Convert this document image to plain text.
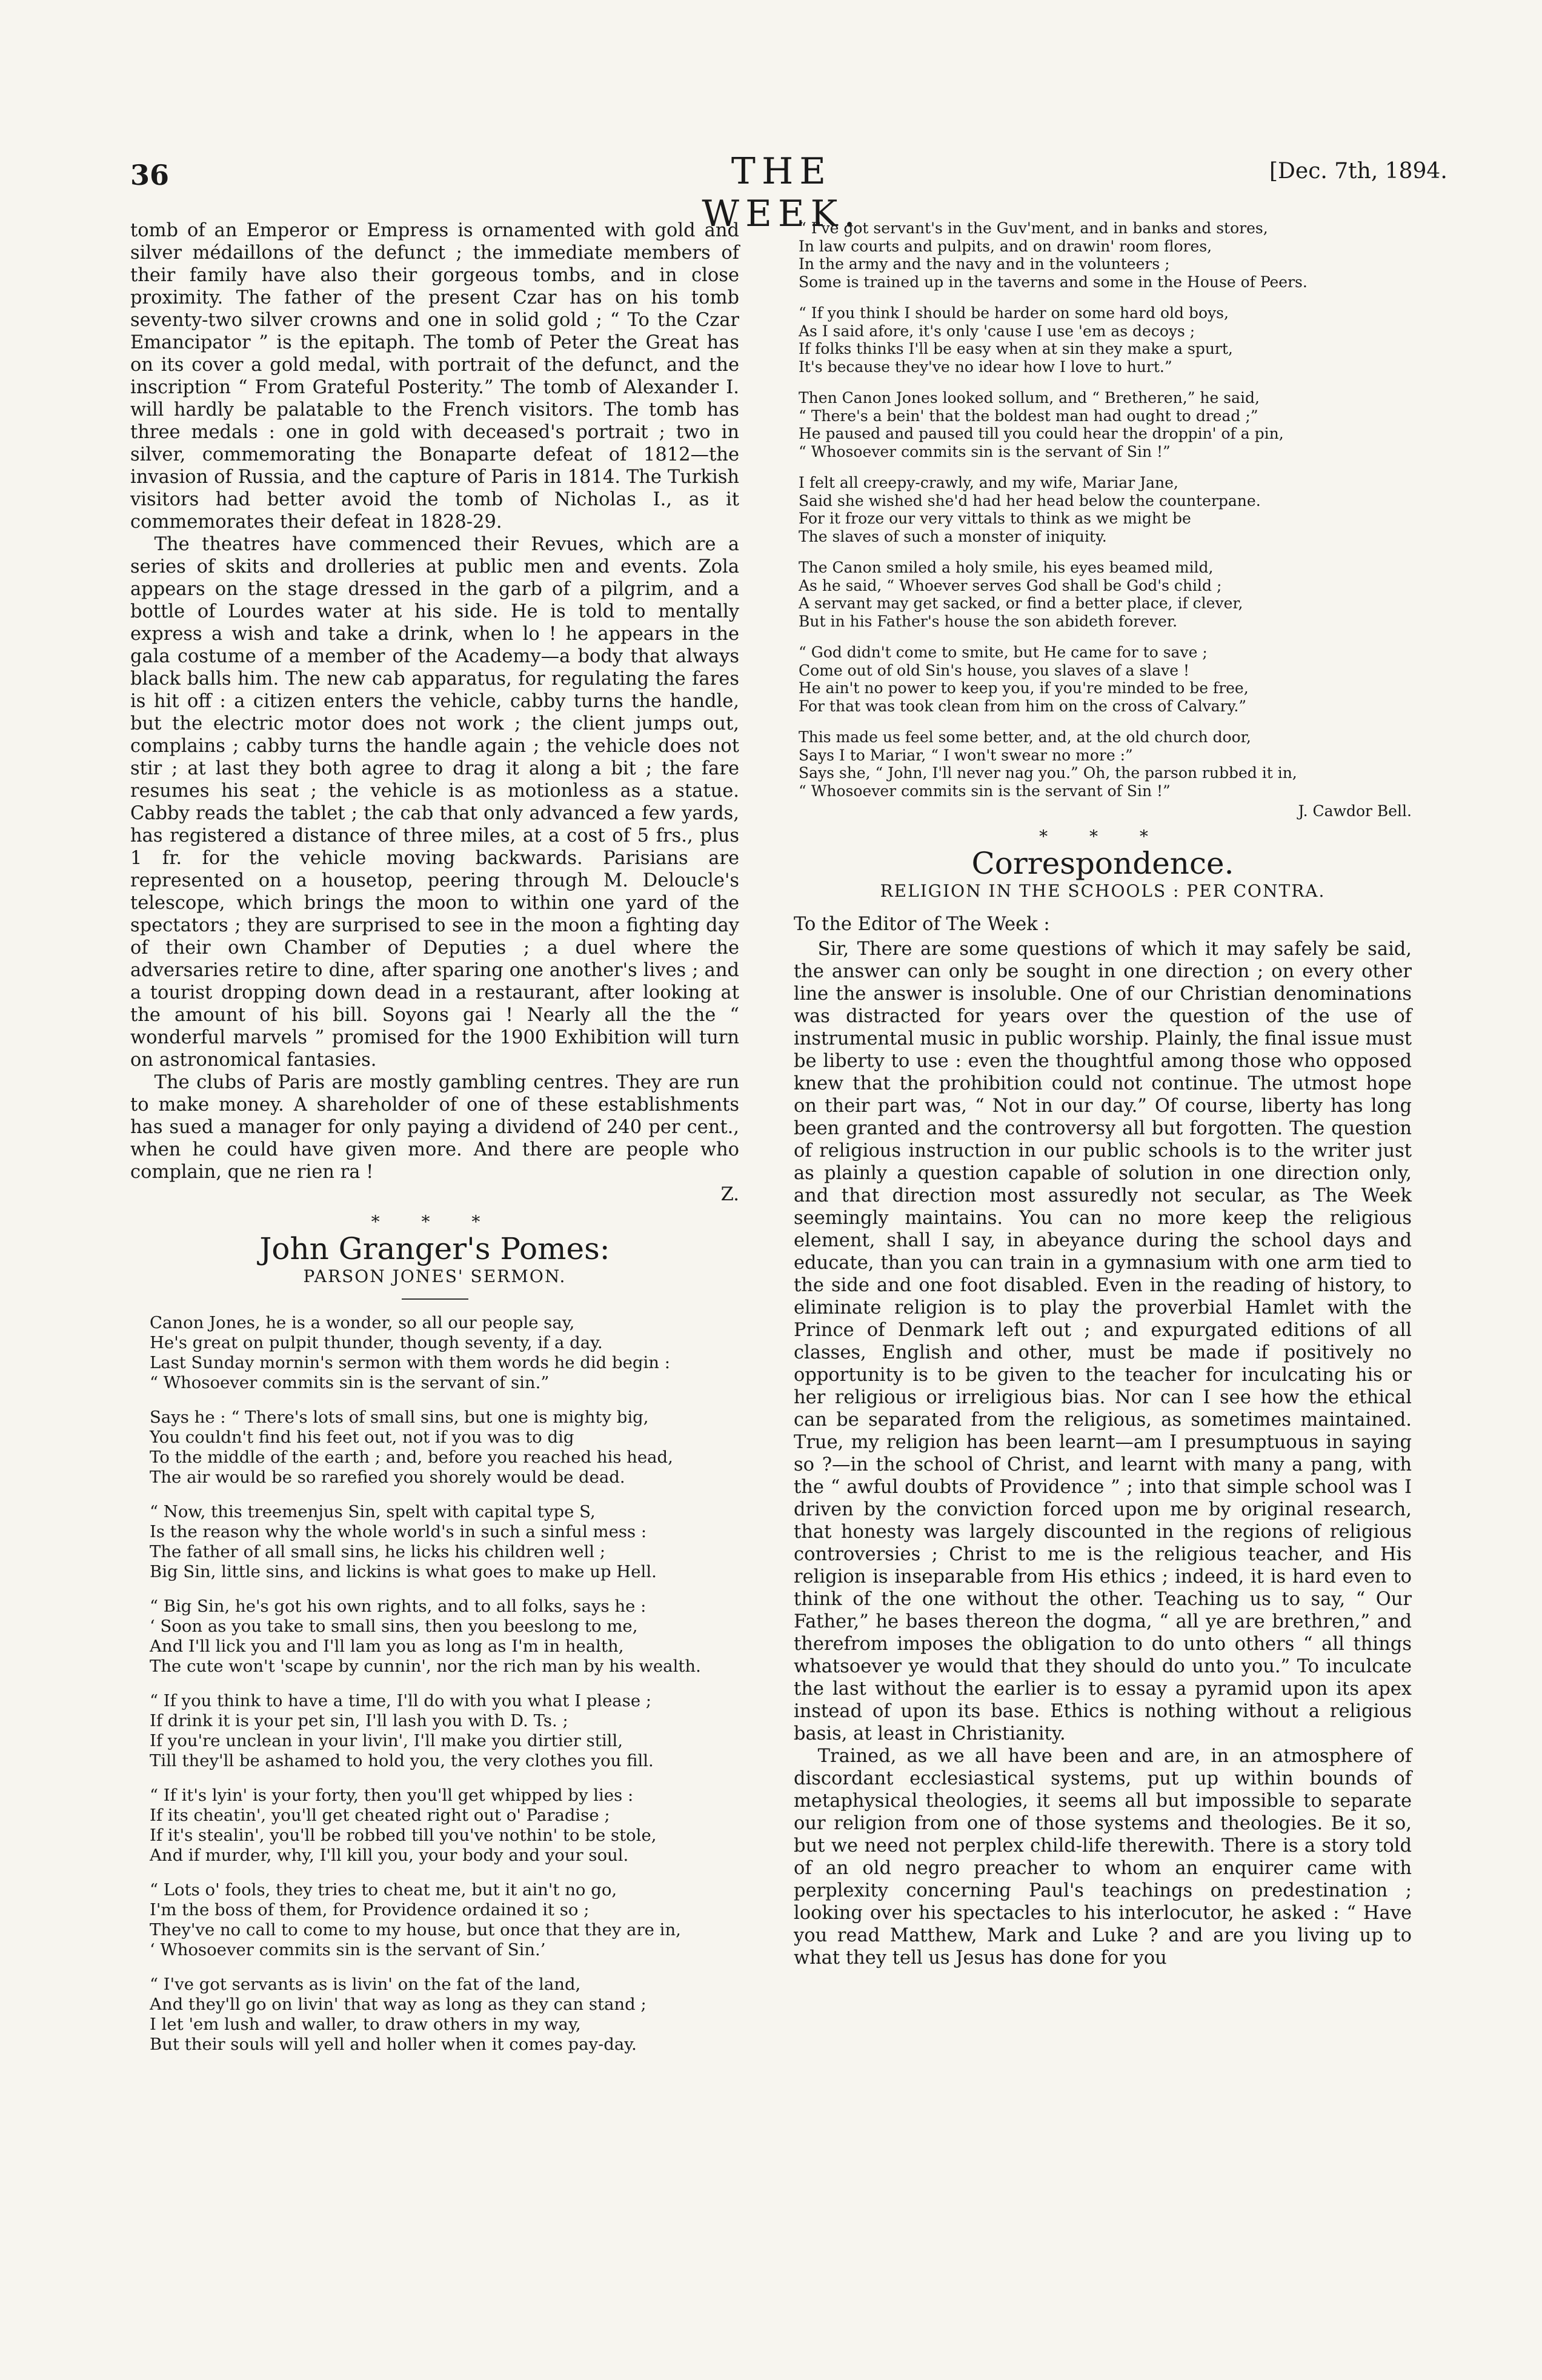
36	THE WEEK.
[Dec. 7th, 1894.

tomb of an Emperor or Empress is ornamented with gold and silver médaillons of the defunct ; the immediate members of their family have also their gorgeous tombs, and in close proximity. The father of the present Czar has on his tomb seventy-two silver crowns and one in solid gold ; “ To the Czar Emancipator ” is the epitaph. The tomb of Peter the Great has on its cover a gold medal, with portrait of the defunct, and the inscription “ From Grateful Posterity.” The tomb of Alexander I. will hardly be palatable to the French visitors. The tomb has three medals : one in gold with deceased's portrait ; two in silver, commemorating the Bonaparte defeat of 1812—the invasion of Russia, and the capture of Paris in 1814. The Turkish visitors had better avoid the tomb of Nicholas I., as it commemorates their defeat in 1828-29.

The theatres have commenced their Revues, which are a series of skits and drolleries at public men and events. Zola appears on the stage dressed in the garb of a pilgrim, and a bottle of Lourdes water at his side. He is told to mentally express a wish and take a drink, when lo ! he appears in the gala costume of a member of the Academy—a body that always black balls him. The new cab apparatus, for regulating the fares is hit off : a citizen enters the vehicle, cabby turns the handle, but the electric motor does not work ; the client jumps out, complains ; cabby turns the handle again ; the vehicle does not stir ; at last they both agree to drag it along a bit ; the fare resumes his seat ; the vehicle is as motionless as a statue. Cabby reads the tablet ; the cab that only advanced a few yards, has registered a distance of three miles, at a cost of 5 frs., plus 1 fr. for the vehicle moving backwards. Parisians are represented on a housetop, peering through M. Deloucle's telescope, which brings the moon to within one yard of the spectators ; they are surprised to see in the moon a fighting day of their own Chamber of Deputies ; a duel where the adversaries retire to dine, after sparing one another's lives ; and a tourist dropping down dead in a restaurant, after looking at the amount of his bill. Soyons gai ! Nearly all the the “ wonderful marvels ” promised for the 1900 Exhibition will turn on astronomical fantasies.

The clubs of Paris are mostly gambling centres. They are run to make money. A shareholder of one of these establishments has sued a manager for only paying a dividend of 240 per cent., when he could have given more. And there are people who complain, que ne rien ra !

Z.
* * *
John Granger's Pomes:
PARSON JONES' SERMON.
Canon Jones, he is a wonder, so all our people say,
He's great on pulpit thunder, though seventy, if a day.
Last Sunday mornin's sermon with them words he did begin :
“ Whosoever commits sin is the servant of sin.”
Says he : “ There's lots of small sins, but one is mighty big,
You couldn't find his feet out, not if you was to dig
To the middle of the earth ; and, before you reached his head,
The air would be so rarefied you shorely would be dead.
“ Now, this treemenjus Sin, spelt with capital type S,
Is the reason why the whole world's in such a sinful mess :
The father of all small sins, he licks his children well ;
Big Sin, little sins, and lickins is what goes to make up Hell.
“ Big Sin, he's got his own rights, and to all folks, says he :
‘ Soon as you take to small sins, then you beeslong to me,
And I'll lick you and I'll lam you as long as I'm in health,
The cute won't 'scape by cunnin', nor the rich man by his wealth.
“ If you think to have a time, I'll do with you what I please ;
If drink it is your pet sin, I'll lash you with D. Ts. ;
If you're unclean in your livin', I'll make you dirtier still,
Till they'll be ashamed to hold you, the very clothes you fill.
“ If it's lyin' is your forty, then you'll get whipped by lies :
If its cheatin', you'll get cheated right out o' Paradise ;
If it's stealin', you'll be robbed till you've nothin' to be stole,
And if murder, why, I'll kill you, your body and your soul.
“ Lots o' fools, they tries to cheat me, but it ain't no go,
I'm the boss of them, for Providence ordained it so ;
They've no call to come to my house, but once that they are in,
‘ Whosoever commits sin is the servant of Sin.’
“ I've got servants as is livin' on the fat of the land,
And they'll go on livin' that way as long as they can stand ;
I let 'em lush and waller, to draw others in my way,
But their souls will yell and holler when it comes pay-day.
“ I've got servant's in the Guv'ment, and in banks and stores,
In law courts and pulpits, and on drawin' room flores,
In the army and the navy and in the volunteers ;
Some is trained up in the taverns and some in the House of Peers.
“ If you think I should be harder on some hard old boys,
As I said afore, it's only 'cause I use 'em as decoys ;
If folks thinks I'll be easy when at sin they make a spurt,
It's because they've no idear how I love to hurt.”
Then Canon Jones looked sollum, and “ Bretheren,” he said,
“ There's a bein' that the boldest man had ought to dread ;”
He paused and paused till you could hear the droppin' of a pin,
“ Whosoever commits sin is the servant of Sin !”
I felt all creepy-crawly, and my wife, Mariar Jane,
Said she wished she'd had her head below the counterpane.
For it froze our very vittals to think as we might be
The slaves of such a monster of iniquity.
The Canon smiled a holy smile, his eyes beamed mild,
As he said, “ Whoever serves God shall be God's child ;
A servant may get sacked, or find a better place, if clever,
But in his Father's house the son abideth forever.
“ God didn't come to smite, but He came for to save ;
Come out of old Sin's house, you slaves of a slave !
He ain't no power to keep you, if you're minded to be free,
For that was took clean from him on the cross of Calvary.”
This made us feel some better, and, at the old church door,
Says I to Mariar, “ I won't swear no more :”
Says she, “ John, I'll never nag you.” Oh, the parson rubbed it in,
“ Whosoever commits sin is the servant of Sin !”
J. Cawdor Bell.
* * *
Correspondence.
RELIGION IN THE SCHOOLS : PER CONTRA.
To the Editor of The Week :

Sir, There are some questions of which it may safely be said, the answer can only be sought in one direction ; on every other line the answer is insoluble. One of our Christian denominations was distracted for years over the question of the use of instrumental music in public worship. Plainly, the final issue must be liberty to use : even the thoughtful among those who opposed knew that the prohibition could not continue. The utmost hope on their part was, “ Not in our day.” Of course, liberty has long been granted and the controversy all but forgotten. The question of religious instruction in our public schools is to the writer just as plainly a question capable of solution in one direction only, and that direction most assuredly not secular, as The Week seemingly maintains. You can no more keep the religious element, shall I say, in abeyance during the school days and educate, than you can train in a gymnasium with one arm tied to the side and one foot disabled. Even in the reading of history, to eliminate religion is to play the proverbial Hamlet with the Prince of Denmark left out ; and expurgated editions of all classes, English and other, must be made if positively no opportunity is to be given to the teacher for inculcating his or her religious or irreligious bias. Nor can I see how the ethical can be separated from the religious, as sometimes maintained. True, my religion has been learnt—am I presumptuous in saying so ?—in the school of Christ, and learnt with many a pang, with the “ awful doubts of Providence ” ; into that simple school was I driven by the conviction forced upon me by original research, that honesty was largely discounted in the regions of religious controversies ; Christ to me is the religious teacher, and His religion is inseparable from His ethics ; indeed, it is hard even to think of the one without the other. Teaching us to say, “ Our Father,” he bases thereon the dogma, “ all ye are brethren,” and therefrom imposes the obligation to do unto others “ all things whatsoever ye would that they should do unto you.” To inculcate the last without the earlier is to essay a pyramid upon its apex instead of upon its base. Ethics is nothing without a religious basis, at least in Christianity.

Trained, as we all have been and are, in an atmosphere of discordant ecclesiastical systems, put up within bounds of metaphysical theologies, it seems all but impossible to separate our religion from one of those systems and theologies. Be it so, but we need not perplex child-life therewith. There is a story told of an old negro preacher to whom an enquirer came with perplexity concerning Paul's teachings on predestination ; looking over his spectacles to his interlocutor, he asked : “ Have you read Matthew, Mark and Luke ? and are you living up to what they tell us Jesus has done for you
